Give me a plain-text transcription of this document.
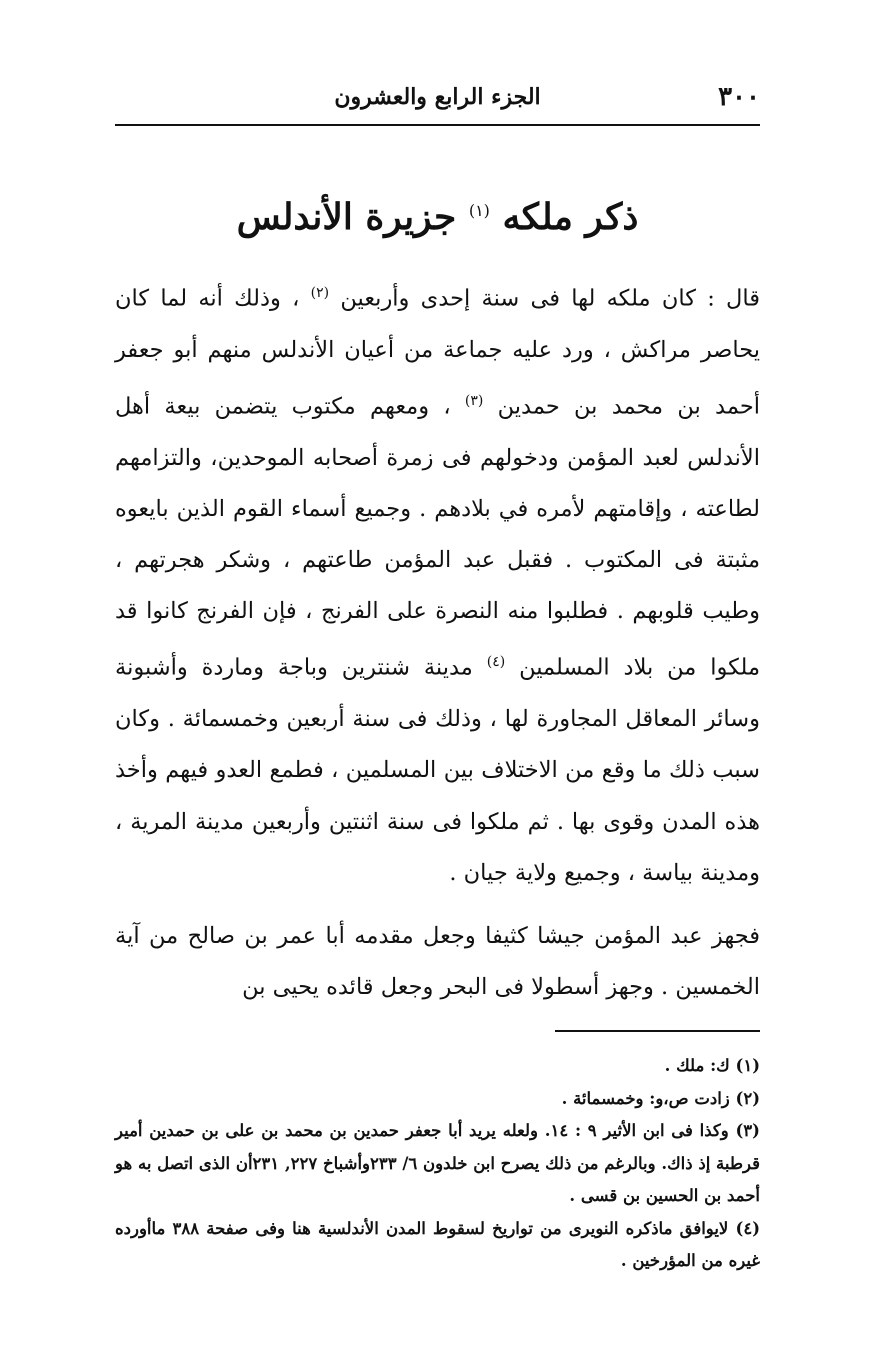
٣٠٠
الجزء الرابع والعشرون
ذكر ملكه $^{(١)}$ جزيرة الأندلس

قال : كان ملكه لها فى سنة إحدى وأربعين $^{(٢)}$ ، وذلك أنه لما كان يحاصر مراكش ، ورد عليه جماعة من أعيان الأندلس منهم أبو جعفر أحمد بن محمد بن حمدين $^{(٣)}$ ، ومعهم مكتوب يتضمن بيعة أهل الأندلس لعبد المؤمن ودخولهم فى زمرة أصحابه الموحدين، والتزامهم لطاعته ، وإقامتهم لأمره في بلادهم . وجميع أسماء القوم الذين بايعوه مثبتة فى المكتوب . فقبل عبد المؤمن طاعتهم ، وشكر هجرتهم ، وطيب قلوبهم . فطلبوا منه النصرة على الفرنج ، فإن الفرنج كانوا قد ملكوا من بلاد المسلمين $^{(٤)}$ مدينة شنترين وباجة وماردة وأشبونة وسائر المعاقل المجاورة لها ، وذلك فى سنة أربعين وخمسمائة . وكان سبب ذلك ما وقع من الاختلاف بين المسلمين ، فطمع العدو فيهم وأخذ هذه المدن وقوى بها . ثم ملكوا فى سنة اثنتين وأربعين مدينة المرية ، ومدينة بياسة ، وجميع ولاية جيان .

فجهز عبد المؤمن جيشا كثيفا وجعل مقدمه أبا عمر بن صالح من آية الخمسين . وجهز أسطولا فى البحر وجعل قائده يحيى بن

(١) ك: ملك .

(٢) زادت ص،و: وخمسمائة .

(٣) وكذا فى ابن الأثير ٩ : ١٤. ولعله يريد أبا جعفر حمدين بن محمد بن على بن حمدين أمير قرطبة إذ ذاك. وبالرغم من ذلك يصرح ابن خلدون ٦/ ٢٣٣وأشباخ ٢٢٧, ٢٣١أن الذى اتصل به هو أحمد بن الحسين بن قسى .

(٤) لايوافق ماذكره النويرى من تواريخ لسقوط المدن الأندلسية هنا وفى صفحة ٣٨٨ ماأورده غيره من المؤرخين .
